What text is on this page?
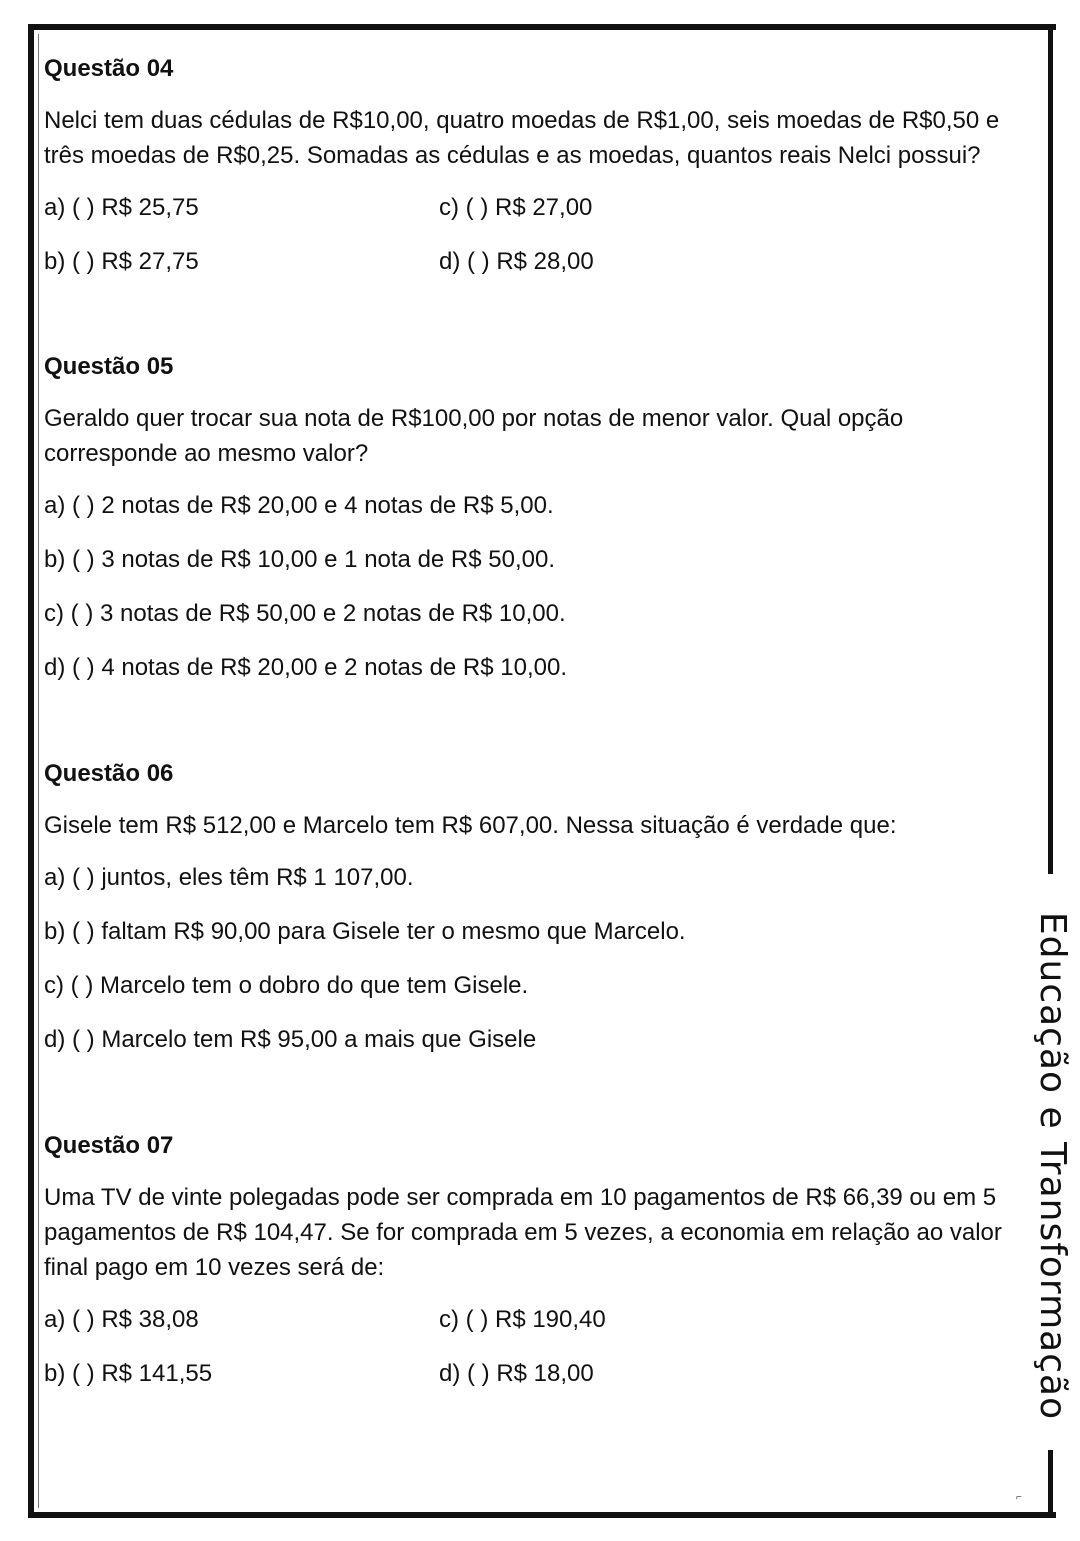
Educação e Transformação
⌐

Questão 04

Nelci tem duas cédulas de R$10,00, quatro moedas de R$1,00, seis moedas de R$0,50 e três moedas de R$0,25. Somadas as cédulas e as moedas, quantos reais Nelci possui?

a) ( ) R$ 25,75	c) ( ) R$ 27,00
b) ( ) R$ 27,75	d) ( ) R$ 28,00

Questão 05

Geraldo quer trocar sua nota de R$100,00 por notas de menor valor. Qual opção corresponde ao mesmo valor?

a) ( ) 2 notas de R$ 20,00 e 4 notas de R$ 5,00.
b) ( ) 3 notas de R$ 10,00 e 1 nota de R$ 50,00.
c) ( ) 3 notas de R$ 50,00 e 2 notas de R$ 10,00.
d) ( ) 4 notas de R$ 20,00 e 2 notas de R$ 10,00.

Questão 06

Gisele tem R$ 512,00 e Marcelo tem R$ 607,00. Nessa situação é verdade que:

a) ( ) juntos, eles têm R$ 1 107,00.
b) ( ) faltam R$ 90,00 para Gisele ter o mesmo que Marcelo.
c) ( ) Marcelo tem o dobro do que tem Gisele.
d) ( ) Marcelo tem R$ 95,00 a mais que Gisele

Questão 07

Uma TV de vinte polegadas pode ser comprada em 10 pagamentos de R$ 66,39 ou em 5 pagamentos de R$ 104,47. Se for comprada em 5 vezes, a economia em relação ao valor final pago em 10 vezes será de:

a) ( ) R$ 38,08	c) ( ) R$ 190,40
b) ( ) R$ 141,55	d) ( ) R$ 18,00
